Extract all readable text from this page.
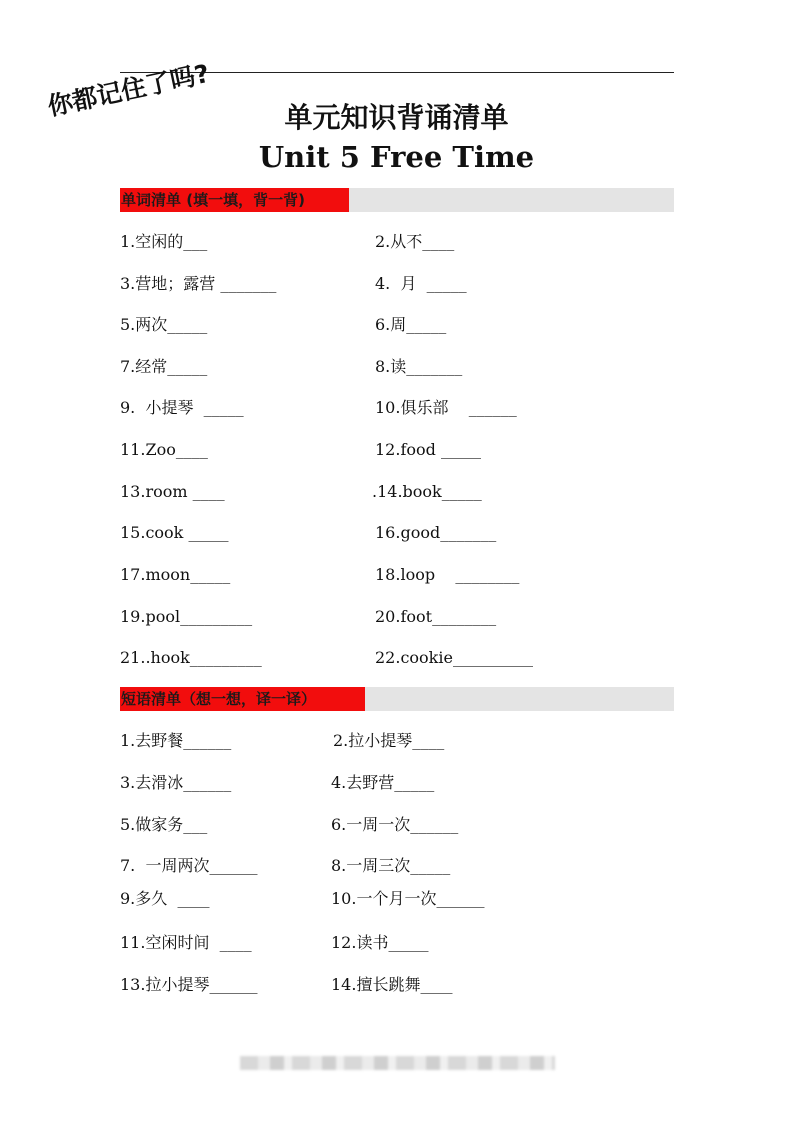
你都记住了吗?	单元知识背诵清单
Unit 5 Free Time
单词清单 (填一填，背一背)
1.空闲的___	2.从不____
3.营地；露营 _______	4.  月  _____
5.两次_____	6.周_____
7.经常_____	8.读_______
9.  小提琴  _____	10.俱乐部    ______
11.Zoo____	12.food _____
13.room ____	.14.book_____
15.cook _____	16.good_______
17.moon_____	18.loop    ________
19.pool_________	20.foot________
21..hook_________	22.cookie__________
短语清单（想一想，译一译）
1.去野餐______	2.拉小提琴____
3.去滑冰______	4.去野营_____
5.做家务___	6.一周一次______
7.  一周两次______	8.一周三次_____
9.多久  ____	10.一个月一次______
11.空闲时间  ____	12.读书_____
13.拉小提琴______	14.擅长跳舞____
